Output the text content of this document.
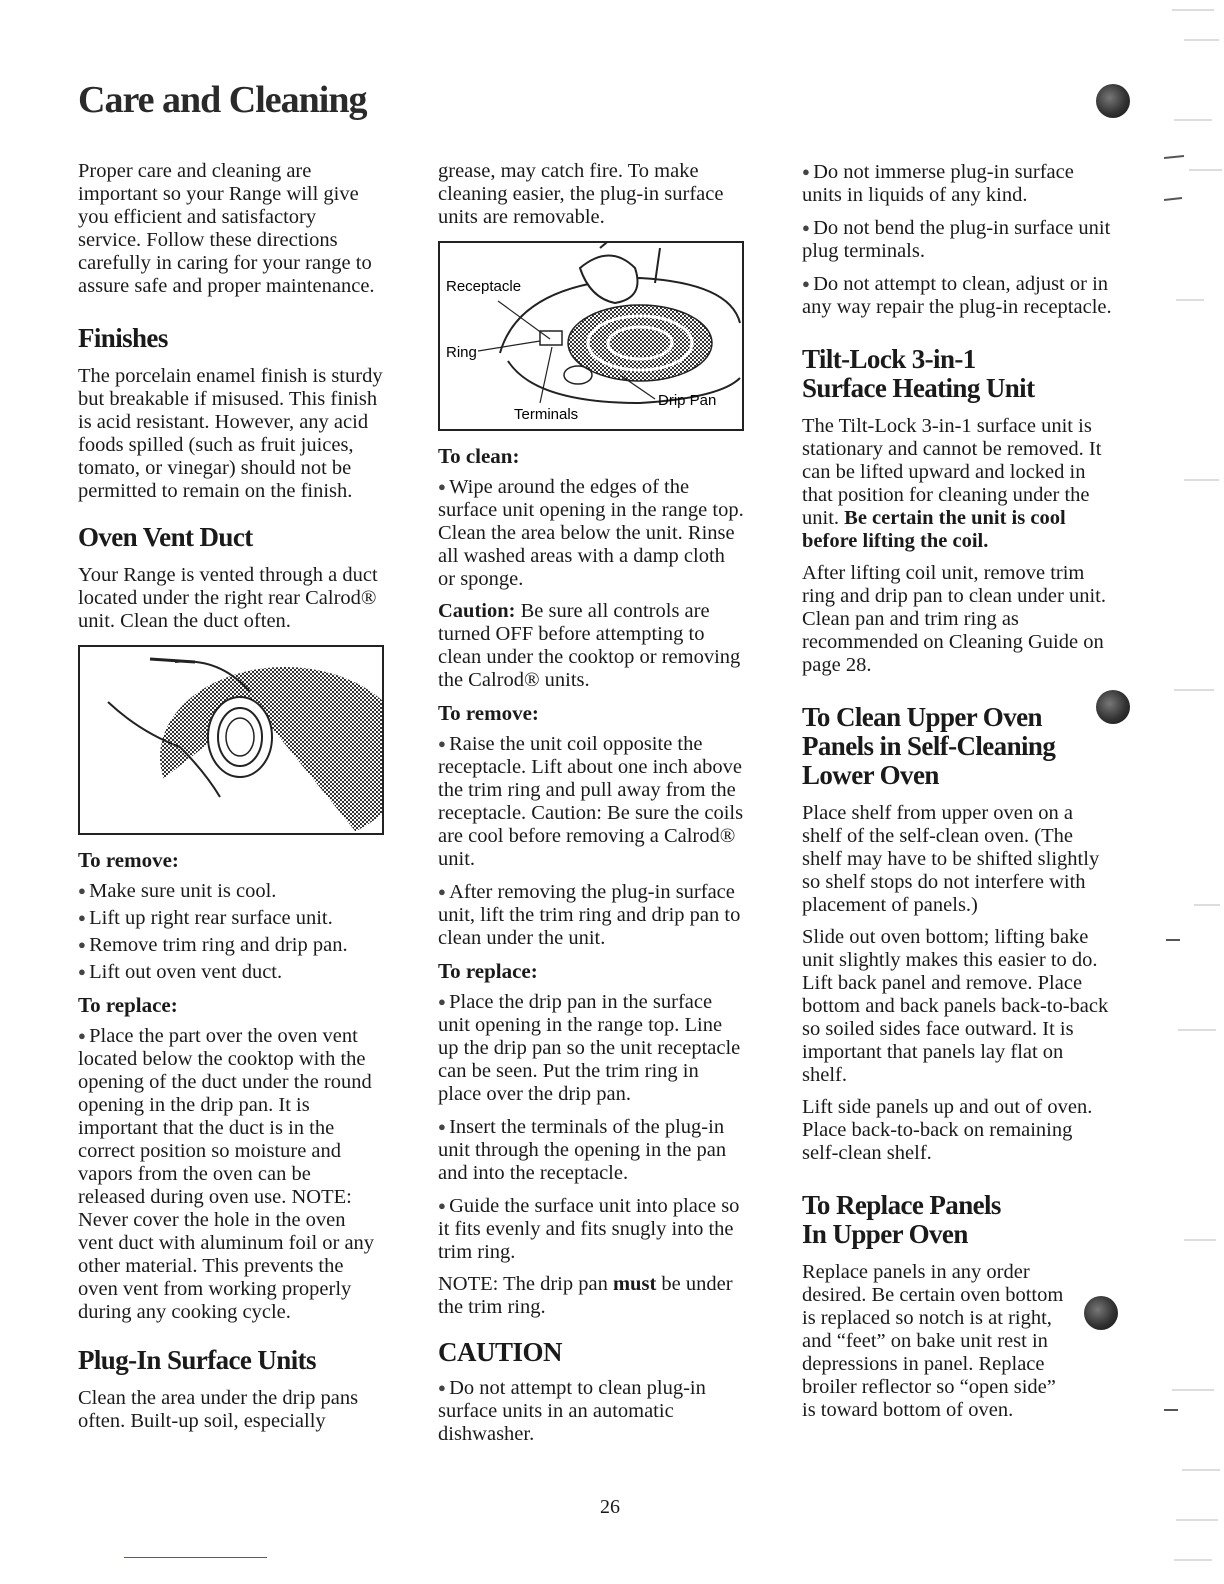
Care and Cleaning

Proper care and cleaning are important so your Range will give you efficient and satisfactory service. Follow these directions carefully in caring for your range to assure safe and proper maintenance.

Finishes

The porcelain enamel finish is sturdy but breakable if misused. This finish is acid resistant. However, any acid foods spilled (such as fruit juices, tomato, or vinegar) should not be permitted to remain on the finish.

Oven Vent Duct

Your Range is vented through a duct located under the right rear Calrod® unit. Clean the duct often.

To remove:

● Make sure unit is cool.

● Lift up right rear surface unit.

● Remove trim ring and drip pan.

● Lift out oven vent duct.

To replace:

● Place the part over the oven vent located below the cooktop with the opening of the duct under the round opening in the drip pan. It is important that the duct is in the correct position so moisture and vapors from the oven can be released during oven use. NOTE: Never cover the hole in the oven vent duct with aluminum foil or any other material. This prevents the oven vent from working properly during any cooking cycle.

Plug-In Surface Units

Clean the area under the drip pans often. Built-up soil, especially

grease, may catch fire. To make cleaning easier, the plug-in surface units are removable.

Receptacle
Ring
Terminals
Drip Pan
To clean:

● Wipe around the edges of the surface unit opening in the range top. Clean the area below the unit. Rinse all washed areas with a damp cloth or sponge.

Caution: Be sure all controls are turned OFF before attempting to clean under the cooktop or removing the Calrod® units.

To remove:

● Raise the unit coil opposite the receptacle. Lift about one inch above the trim ring and pull away from the receptacle. Caution: Be sure the coils are cool before removing a Calrod® unit.

● After removing the plug-in surface unit, lift the trim ring and drip pan to clean under the unit.

To replace:

● Place the drip pan in the surface unit opening in the range top. Line up the drip pan so the unit receptacle can be seen. Put the trim ring in place over the drip pan.

● Insert the terminals of the plug-in unit through the opening in the pan and into the receptacle.

● Guide the surface unit into place so it fits evenly and fits snugly into the trim ring.

NOTE: The drip pan must be under the trim ring.

CAUTION

● Do not attempt to clean plug-in surface units in an automatic dishwasher.

● Do not immerse plug-in surface units in liquids of any kind.

● Do not bend the plug-in surface unit plug terminals.

● Do not attempt to clean, adjust or in any way repair the plug-in receptacle.

Tilt-Lock 3-in-1
Surface Heating Unit

The Tilt-Lock 3-in-1 surface unit is stationary and cannot be removed. It can be lifted upward and locked in that position for cleaning under the unit. Be certain the unit is cool before lifting the coil.

After lifting coil unit, remove trim ring and drip pan to clean under unit. Clean pan and trim ring as recommended on Cleaning Guide on page 28.

To Clean Upper Oven
Panels in Self-Cleaning
Lower Oven

Place shelf from upper oven on a shelf of the self-clean oven. (The shelf may have to be shifted slightly so shelf stops do not interfere with placement of panels.)

Slide out oven bottom; lifting bake unit slightly makes this easier to do. Lift back panel and remove. Place bottom and back panels back-to-back so soiled sides face outward. It is important that panels lay flat on shelf.

Lift side panels up and out of oven. Place back-to-back on remaining self-clean shelf.

To Replace Panels
In Upper Oven

Replace panels in any order desired. Be certain oven bottom is replaced so notch is at right, and “feet” on bake unit rest in depressions in panel. Replace broiler reflector so “open side” is toward bottom of oven.

26
